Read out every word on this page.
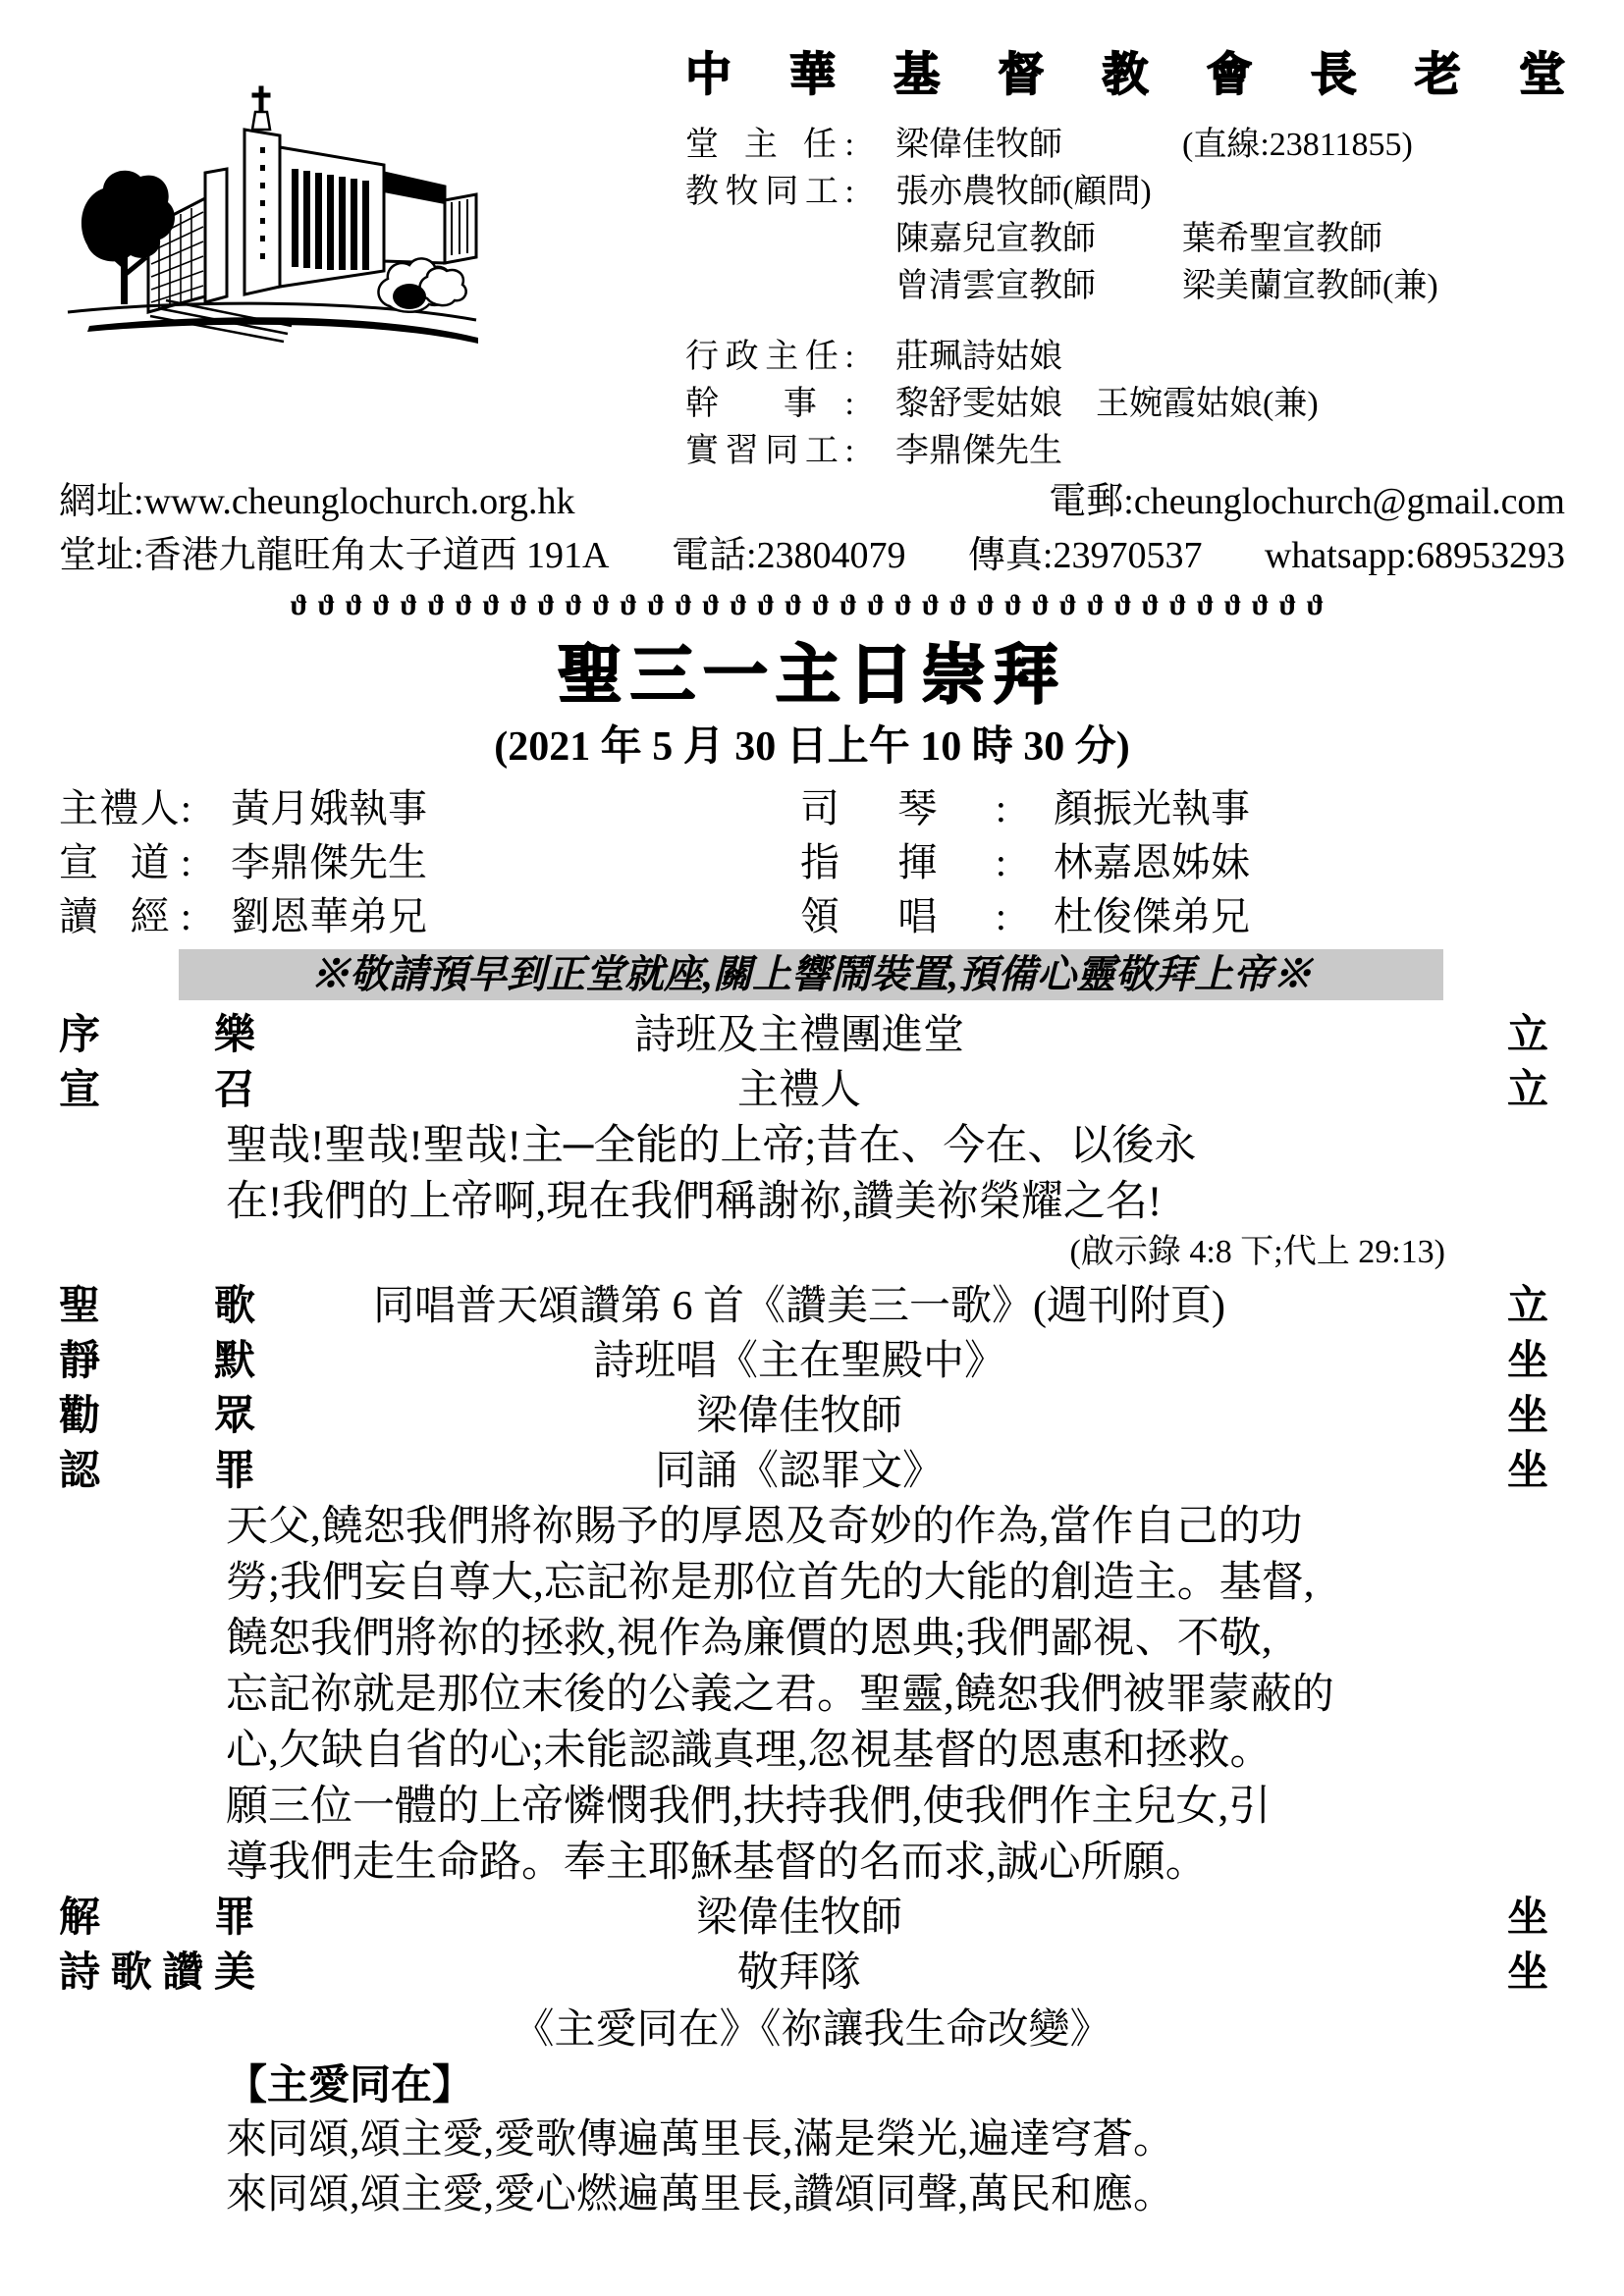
中華基督教會長老堂
堂 主 任: 梁偉佳牧師	(直線:23811855)
教牧同工: 張亦農牧師(顧問)
陳嘉兒宣教師	葉希聖宣教師
曾清雲宣教師	梁美蘭宣教師(兼)
行政主任: 莊珮詩姑娘
幹 事: 黎舒雯姑娘　王婉霞姑娘(兼)
實習同工: 李鼎傑先生
網址:www.cheunglochurch.org.hk	電郵:cheunglochurch@gmail.com
堂址:香港九龍旺角太子道西 191A 電話:23804079 傳真:23970537 whatsapp:68953293
ϑϑϑϑϑϑϑϑϑϑϑϑϑϑϑϑϑϑϑϑϑϑϑϑϑϑϑϑϑϑϑϑϑϑϑϑϑϑ
聖三一主日崇拜
(2021 年 5 月 30 日上午 10 時 30 分)
主禮人: 黃月娥執事	司 琴 : 顏振光執事
宣 道: 李鼎傑先生	指 揮 : 林嘉恩姊妹
讀 經: 劉恩華弟兄	領 唱 : 杜俊傑弟兄
※敬請預早到正堂就座,關上響鬧裝置,預備心靈敬拜上帝※
序樂	詩班及主禮團進堂	立
宣召	主禮人	立
聖哉!聖哉!聖哉!主─全能的上帝;昔在、今在、以後永
在!我們的上帝啊,現在我們稱謝祢,讚美祢榮耀之名!
(啟示錄 4:8 下;代上 29:13)
聖歌	同唱普天頌讚第 6 首《讚美三一歌》(週刊附頁)	立
靜默	詩班唱《主在聖殿中》	坐
勸眾	梁偉佳牧師	坐
認罪	同誦《認罪文》	坐
天父,饒恕我們將祢賜予的厚恩及奇妙的作為,當作自己的功
勞;我們妄自尊大,忘記祢是那位首先的大能的創造主。基督,
饒恕我們將祢的拯救,視作為廉價的恩典;我們鄙視、不敬,
忘記祢就是那位末後的公義之君。聖靈,饒恕我們被罪蒙蔽的
心,欠缺自省的心;未能認識真理,忽視基督的恩惠和拯救。
願三位一體的上帝憐憫我們,扶持我們,使我們作主兒女,引
導我們走生命路。奉主耶穌基督的名而求,誠心所願。
解罪	梁偉佳牧師	坐
詩歌讚美	敬拜隊	坐
《主愛同在》《祢讓我生命改變》
【主愛同在】
來同頌,頌主愛,愛歌傳遍萬里長,滿是榮光,遍達穹蒼。
來同頌,頌主愛,愛心燃遍萬里長,讚頌同聲,萬民和應。
